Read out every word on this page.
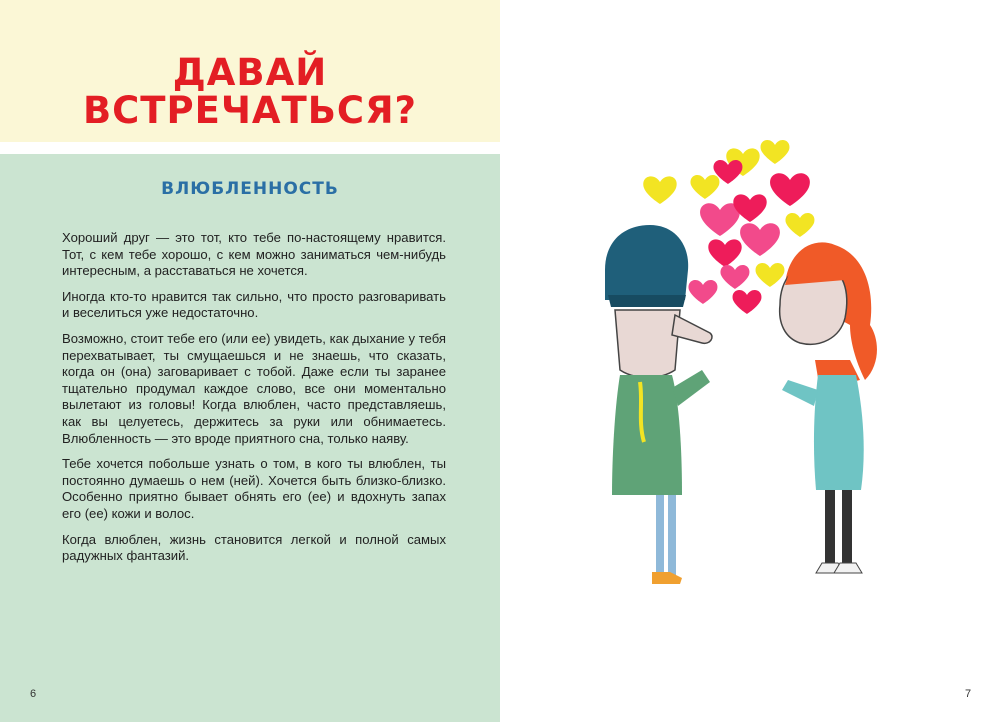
ДАВАЙ
ВСТРЕЧАТЬСЯ?
ВЛЮБЛЕННОСТЬ

Хороший друг — это тот, кто тебе по-настоящему нравится. Тот, с кем тебе хорошо, с кем можно заниматься чем-нибудь интересным, а расставаться не хочется.

Иногда кто-то нравится так сильно, что просто разговаривать и веселиться уже недостаточно.

Возможно, стоит тебе его (или ее) увидеть, как дыхание у тебя перехватывает, ты смущаешься и не знаешь, что сказать, когда он (она) заговаривает с тобой. Даже если ты заранее тщательно продумал каждое слово, все они моментально вылетают из головы! Когда влюблен, часто представляешь, как вы целуетесь, держитесь за руки или обнимаетесь. Влюбленность — это вроде приятного сна, только наяву.

Тебе хочется побольше узнать о том, в кого ты влюблен, ты постоянно думаешь о нем (ней). Хочется быть близко-близко. Особенно приятно бывает обнять его (ее) и вдохнуть запах его (ее) кожи и волос.

Когда влюблен, жизнь становится легкой и полной самых радужных фантазий.

6	7
